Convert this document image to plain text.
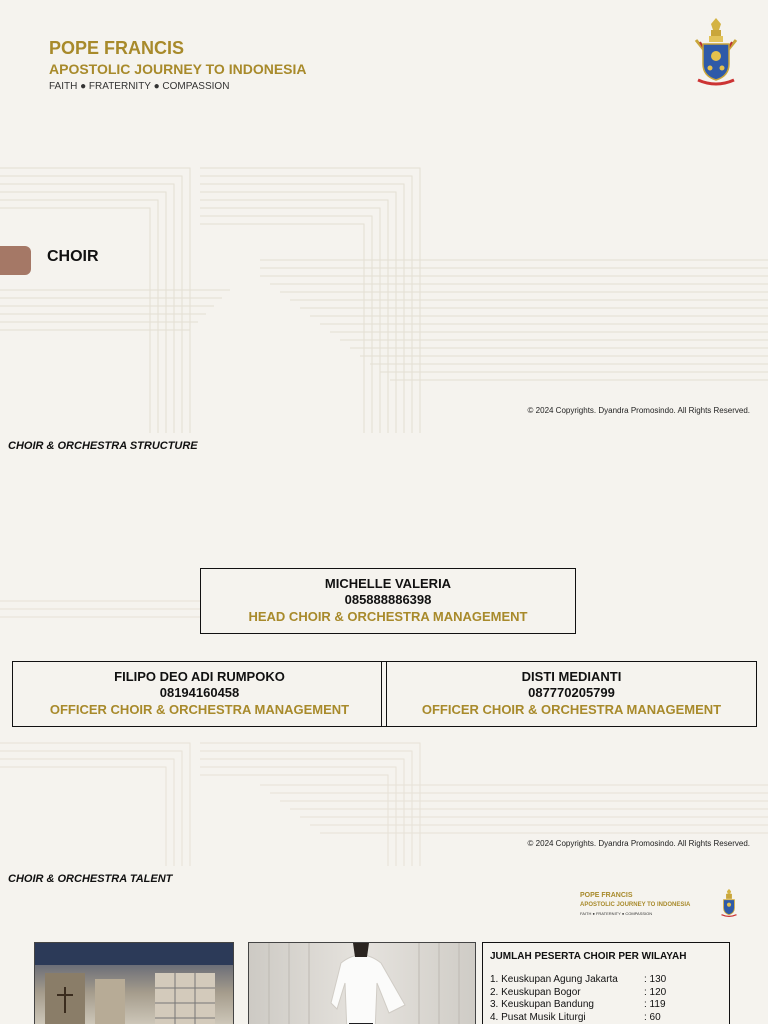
POPE FRANCIS
APOSTOLIC JOURNEY TO INDONESIA
FAITH ● FRATERNITY ● COMPASSION
CHOIR
© 2024 Copyrights. Dyandra Promosindo. All Rights Reserved.
CHOIR & ORCHESTRA STRUCTURE
MICHELLE VALERIA
085888886398
HEAD CHOIR & ORCHESTRA MANAGEMENT
FILIPO DEO ADI RUMPOKO
08194160458
OFFICER CHOIR & ORCHESTRA MANAGEMENT
DISTI MEDIANTI
087770205799
OFFICER CHOIR & ORCHESTRA MANAGEMENT
© 2024 Copyrights. Dyandra Promosindo. All Rights Reserved.
CHOIR & ORCHESTRA TALENT
POPE FRANCIS
APOSTOLIC JOURNEY TO INDONESIA
FAITH ● FRATERNITY ● COMPASSION
JUMLAH PESERTA CHOIR PER WILAYAH
1. Keuskupan Agung Jakarta	: 130
2. Keuskupan Bogor	: 120
3. Keuskupan Bandung	: 119
4. Pusat Musik Liturgi	: 60
